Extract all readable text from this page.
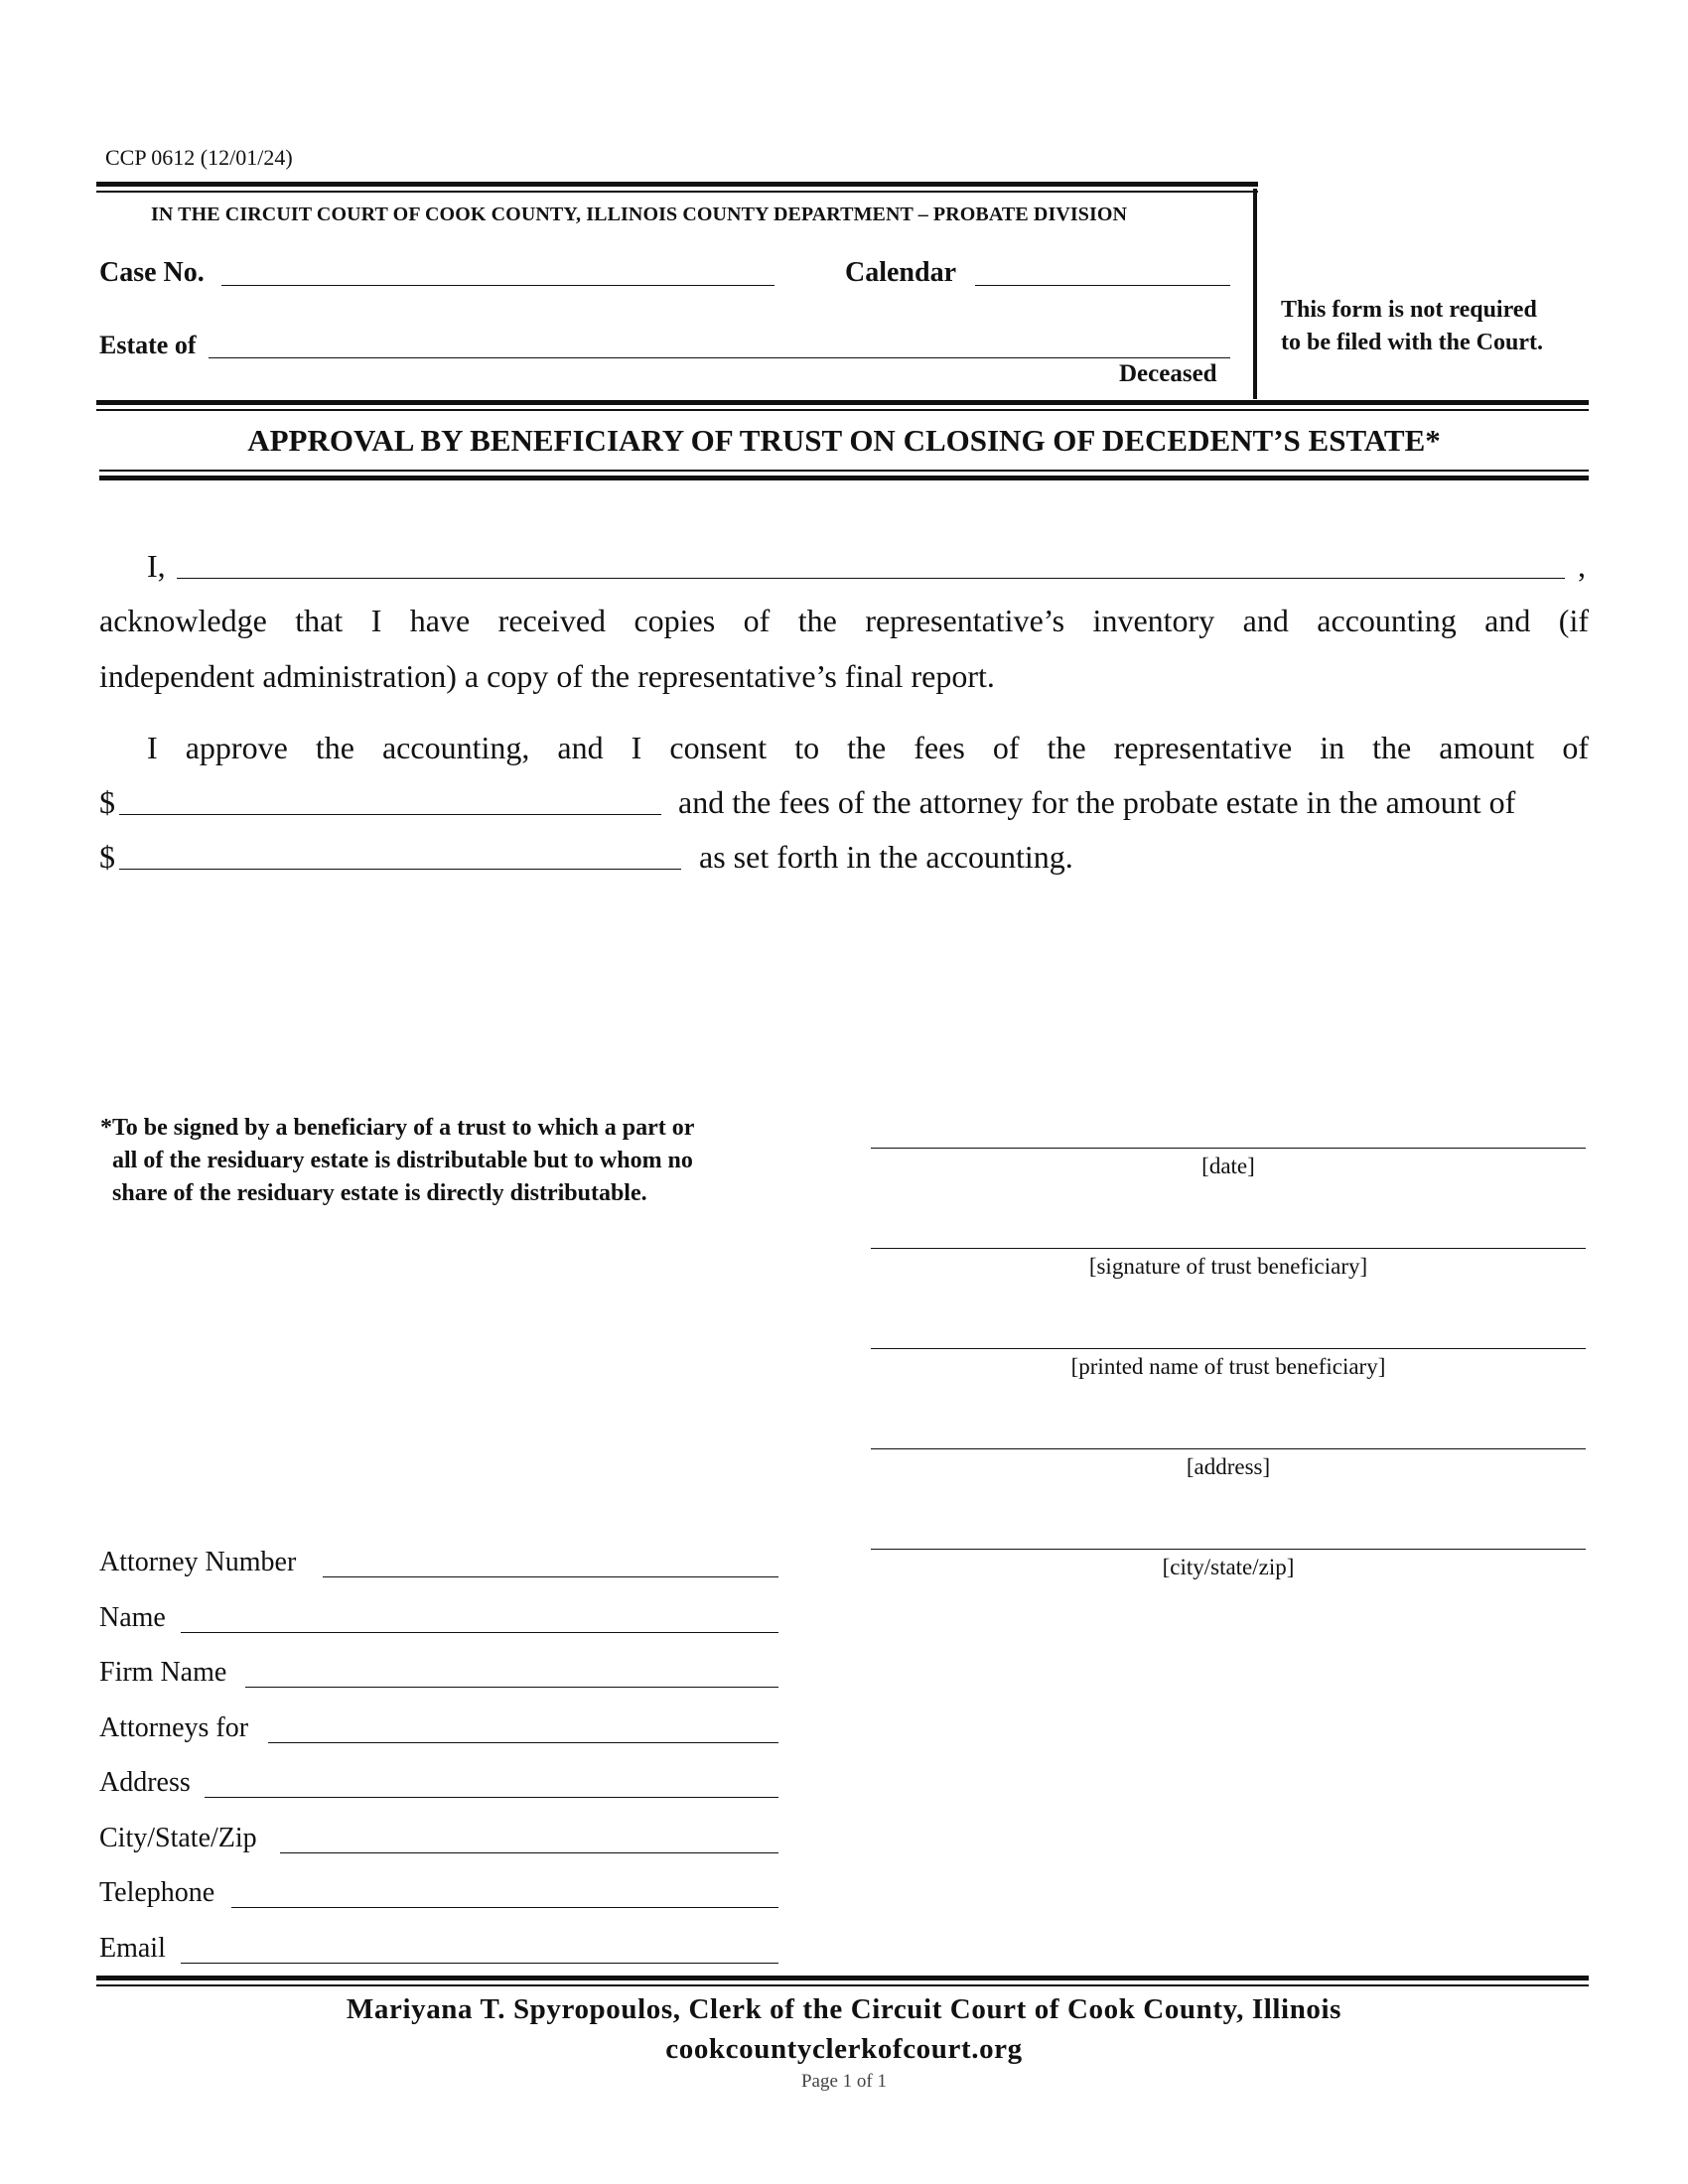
CCP 0612 (12/01/24)
IN THE CIRCUIT COURT OF COOK COUNTY, ILLINOIS COUNTY DEPARTMENT – PROBATE DIVISION
Case No.	Calendar
Estate of
Deceased
This form is not required
to be filed with the Court.
APPROVAL BY BENEFICIARY OF TRUST ON CLOSING OF DECEDENT’S ESTATE*
I,	,
acknowledge that I have received copies of the representative’s inventory and accounting and (if
independent administration) a copy of the representative’s final report.
I approve the accounting, and I consent to the fees of the representative in the amount of
$	and the fees of the attorney for the probate estate in the amount of
$	as set forth in the accounting.
*To be signed by a beneficiary of a trust to which a part or
all of the residuary estate is distributable but to whom no
share of the residuary estate is directly distributable.
[date]
[signature of trust beneficiary]
[printed name of trust beneficiary]
[address]
[city/state/zip]
Attorney Number
Name
Firm Name
Attorneys for
Address
City/State/Zip
Telephone
Email
Mariyana T. Spyropoulos, Clerk of the Circuit Court of Cook County, Illinois
cookcountyclerkofcourt.org
Page 1 of 1
